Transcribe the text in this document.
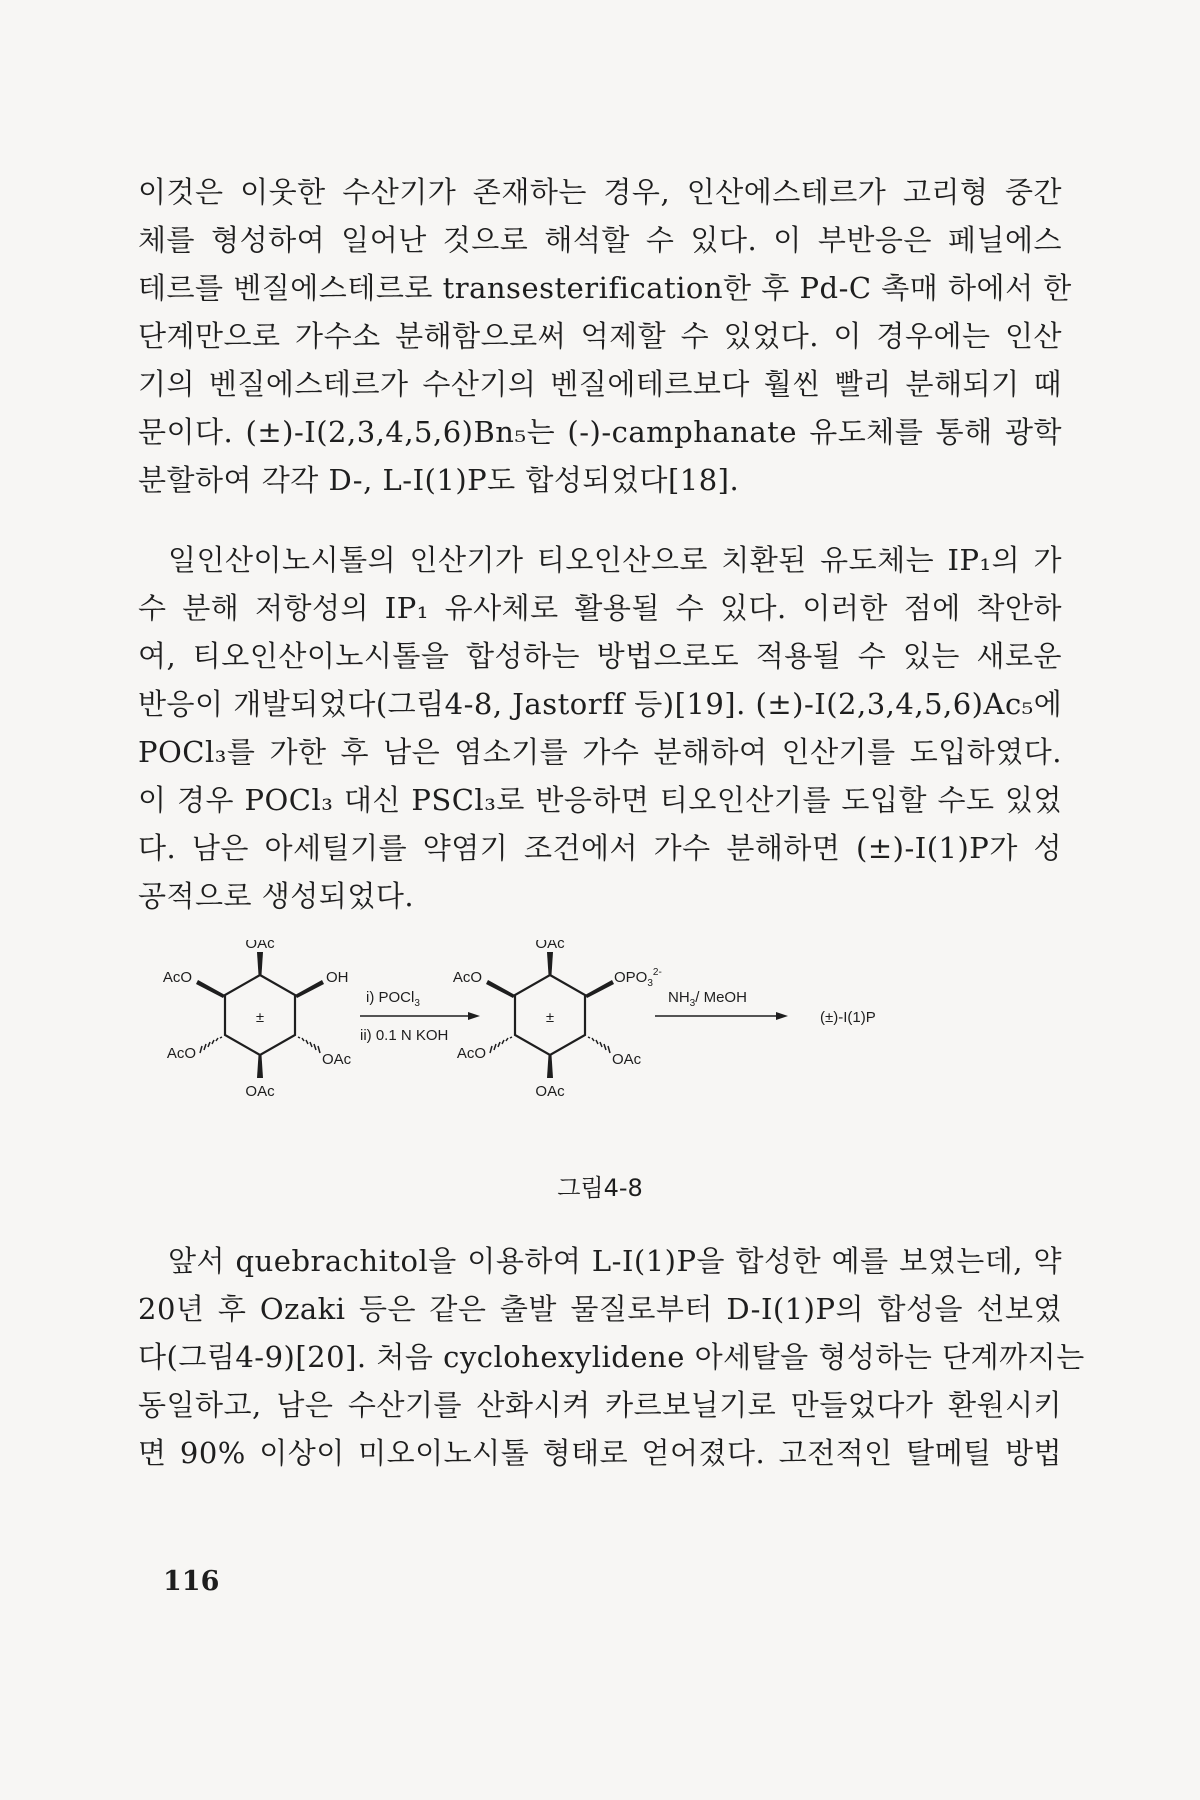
이것은 이웃한 수산기가 존재하는 경우, 인산에스테르가 고리형 중간
체를 형성하여 일어난 것으로 해석할 수 있다. 이 부반응은 페닐에스
테르를 벤질에스테르로 transesterification한 후 Pd-C 촉매 하에서 한
단계만으로 가수소 분해함으로써 억제할 수 있었다. 이 경우에는 인산
기의 벤질에스테르가 수산기의 벤질에테르보다 훨씬 빨리 분해되기 때
문이다. (±)-I(2,3,4,5,6)Bn₅는 (-)-camphanate 유도체를 통해 광학
분할하여 각각 D-, L-I(1)P도 합성되었다[18].
일인산이노시톨의 인산기가 티오인산으로 치환된 유도체는 IP₁의 가
수 분해 저항성의 IP₁ 유사체로 활용될 수 있다. 이러한 점에 착안하
여, 티오인산이노시톨을 합성하는 방법으로도 적용될 수 있는 새로운
반응이 개발되었다(그림4-8, Jastorff 등)[19]. (±)-I(2,3,4,5,6)Ac₅에
POCl₃를 가한 후 남은 염소기를 가수 분해하여 인산기를 도입하였다.
이 경우 POCl₃ 대신 PSCl₃로 반응하면 티오인산기를 도입할 수도 있었
다. 남은 아세틸기를 약염기 조건에서 가수 분해하면 (±)-I(1)P가 성
공적으로 생성되었다.
OAc
AcO	OH
±
AcO	OAc
OAc
i) POCl$_3$
ii) 0.1 N KOH
OAc
AcO	$OPO_3^{2-}$
±
AcO	OAc
OAc
$NH_3/$ MeOH
(±)-I(1)P
그림4-8
앞서 quebrachitol을 이용하여 L-I(1)P을 합성한 예를 보였는데, 약
20년 후 Ozaki 등은 같은 출발 물질로부터 D-I(1)P의 합성을 선보였
다(그림4-9)[20]. 처음 cyclohexylidene 아세탈을 형성하는 단계까지는
동일하고, 남은 수산기를 산화시켜 카르보닐기로 만들었다가 환원시키
면 90% 이상이 미오이노시톨 형태로 얻어졌다. 고전적인 탈메틸 방법
116
